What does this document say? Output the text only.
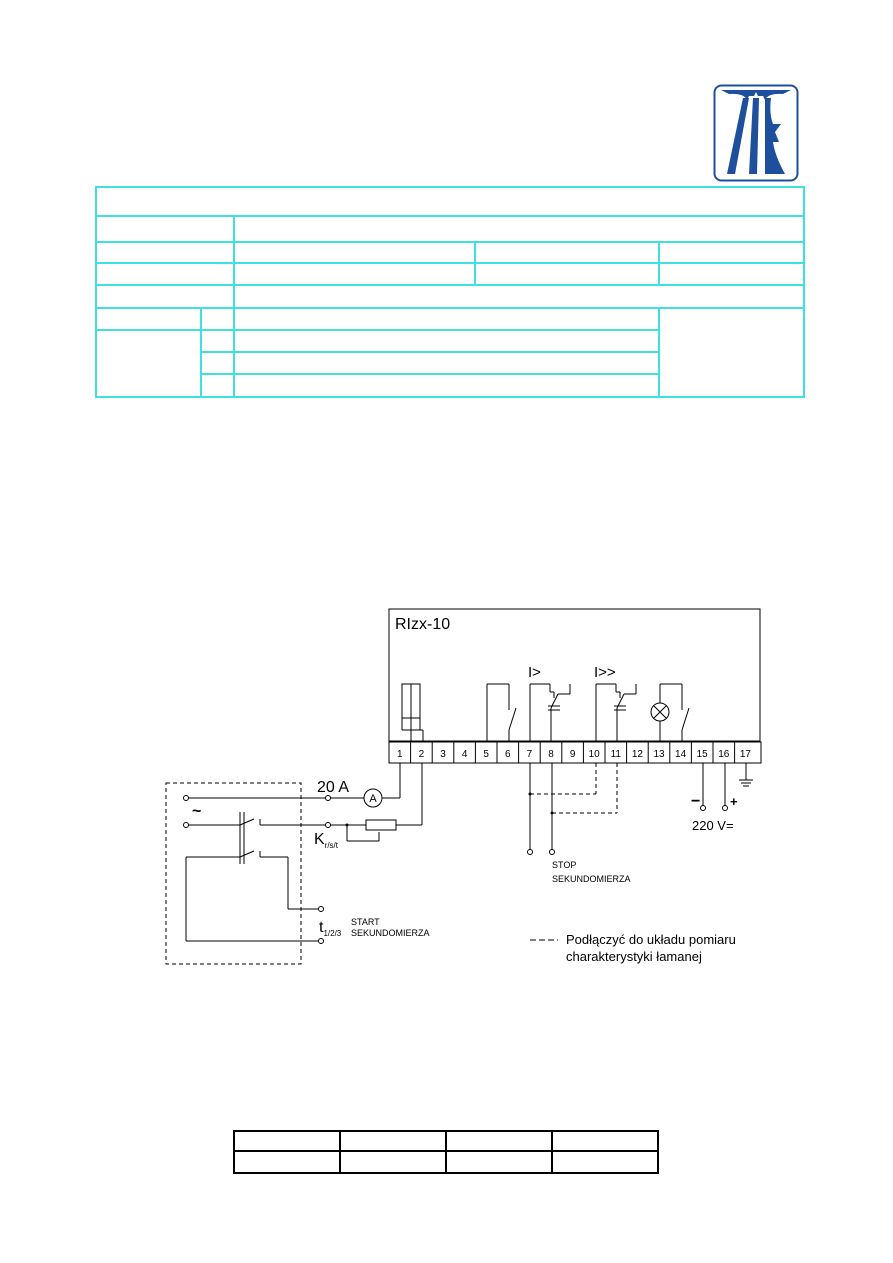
1 2 3 4 5 6 7 8 9 10 11 12 13 14 15 16 17
RIzx-10
I>	I>>
20 A
A
~
$K_{r/s/t}$
$t_{1/2/3}$
START
SEKUNDOMIERZA
STOP
SEKUNDOMIERZA
− +
220 V=
Podłączyć do układu pomiaru
charakterystyki łamanej
